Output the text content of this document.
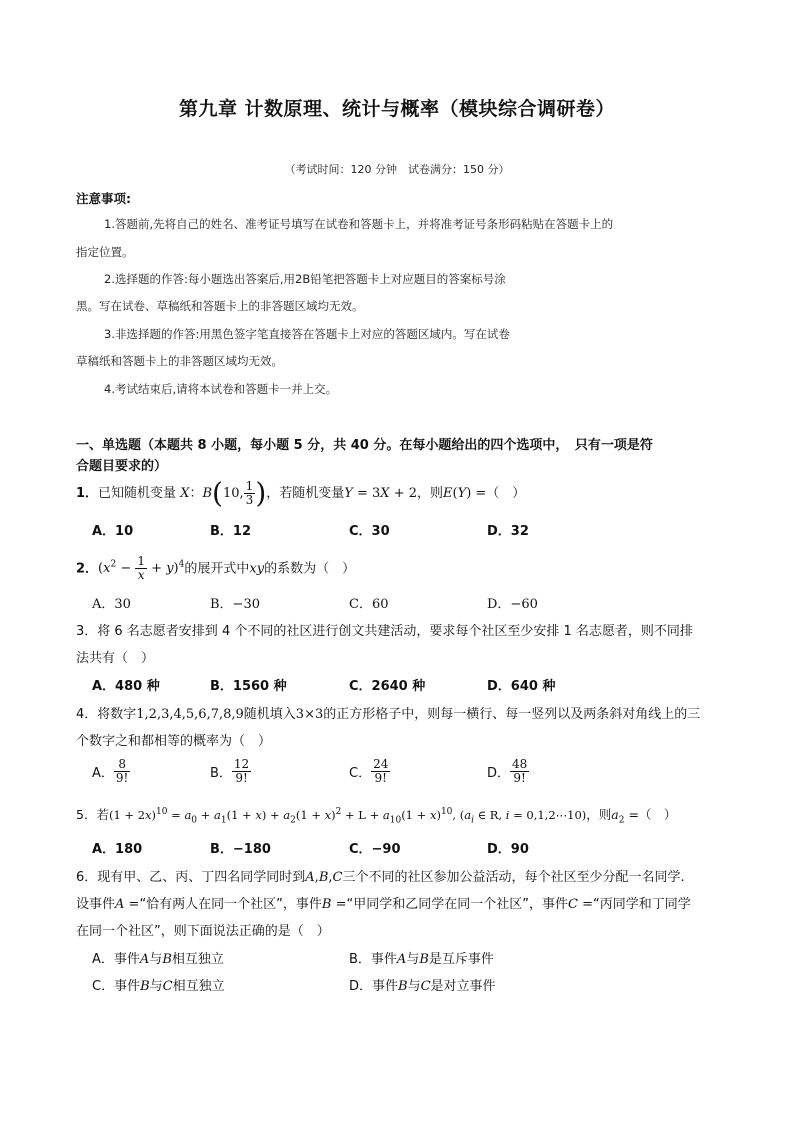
第九章 计数原理、统计与概率（模块综合调研卷）
（考试时间：120 分钟　试卷满分：150 分）
注意事项:
1.答题前,先将自己的姓名、准考证号填写在试卷和答题卡上，并将准考证号条形码粘贴在答题卡上的
指定位置。
2.选择题的作答:每小题选出答案后,用2B铅笔把答题卡上对应题目的答案标号涂
黑。写在试卷、草稿纸和答题卡上的非答题区域均无效。
3.非选择题的作答:用黑色签字笔直接答在答题卡上对应的答题区域内。写在试卷
草稿纸和答题卡上的非答题区域均无效。
4.考试结束后,请将本试卷和答题卡一并上交。
一、单选题（本题共 8 小题，每小题 5 分，共 40 分。在每小题给出的四个选项中，　只有一项是符
合题目要求的）
1．已知随机变量 X：B(10, $\frac{1}{3}$ )，若随机变量Y = 3X + 2，则E(Y) =（　）
A．10	B．12	C．30	D．32
2．$(x^2 - \frac{1}{x} + y)^4$的展开式中xy的系数为（　）
A．30	B．−30	C．60	D．−60
3．将 6 名志愿者安排到 4 个不同的社区进行创文共建活动，要求每个社区至少安排 1 名志愿者，则不同排
法共有（　）
A．480 种	B．1560 种	C．2640 种	D．640 种
4．将数字1,2,3,4,5,6,7,8,9随机填入3×3的正方形格子中，则每一横行、每一竖列以及两条斜对角线上的三
个数字之和都相等的概率为（　）
A． $\frac{8}{9!}$	B． $\frac{12}{9!}$	C． $\frac{24}{9!}$	D． $\frac{48}{9!}$
5．若$(1 + 2x)^{10} = a_0 + a_1(1 + x) + a_2(1 + x)^2 + L + a_{10}(1 + x)^{10}$, ($a_i$ ∈ R, i = 0,1,2⋯10)，则$a_2$ =（　）
A．180	B．−180	C．−90	D．90
6．现有甲、乙、丙、丁四名同学同时到A,B,C三个不同的社区参加公益活动，每个社区至少分配一名同学.
设事件A =“恰有两人在同一个社区”，事件B =“甲同学和乙同学在同一个社区”，事件C =“丙同学和丁同学
在同一个社区”，则下面说法正确的是（　）
A．事件A与B相互独立	B．事件A与B是互斥事件
C．事件B与C相互独立	D．事件B与C是对立事件
